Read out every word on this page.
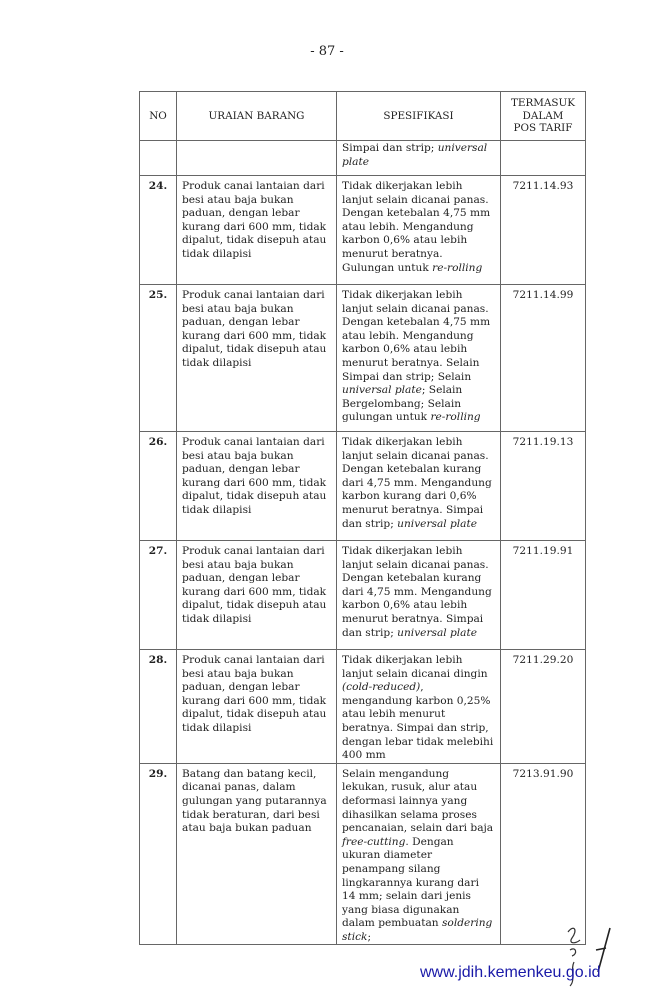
- 87 -
NO	URAIAN BARANG	SPESIFIKASI	TERMASUK
DALAM
POS TARIF
		Simpai dan strip; universal plate	
24.	Produk canai lantaian dari besi atau baja bukan paduan, dengan lebar kurang dari 600 mm, tidak dipalut, tidak disepuh atau tidak dilapisi	Tidak dikerjakan lebih lanjut selain dicanai panas. Dengan ketebalan 4,75 mm atau lebih. Mengandung karbon 0,6% atau lebih menurut beratnya. Gulungan untuk re-rolling	7211.14.93
25.	Produk canai lantaian dari besi atau baja bukan paduan, dengan lebar kurang dari 600 mm, tidak dipalut, tidak disepuh atau tidak dilapisi	Tidak dikerjakan lebih lanjut selain dicanai panas. Dengan ketebalan 4,75 mm atau lebih. Mengandung karbon 0,6% atau lebih menurut beratnya. Selain Simpai dan strip; Selain universal plate; Selain Bergelombang; Selain gulungan untuk re-rolling	7211.14.99
26.	Produk canai lantaian dari besi atau baja bukan paduan, dengan lebar kurang dari 600 mm, tidak dipalut, tidak disepuh atau tidak dilapisi	Tidak dikerjakan lebih lanjut selain dicanai panas. Dengan ketebalan kurang dari 4,75 mm. Mengandung karbon kurang dari 0,6% menurut beratnya. Simpai dan strip; universal plate	7211.19.13
27.	Produk canai lantaian dari besi atau baja bukan paduan, dengan lebar kurang dari 600 mm, tidak dipalut, tidak disepuh atau tidak dilapisi	Tidak dikerjakan lebih lanjut selain dicanai panas. Dengan ketebalan kurang dari 4,75 mm. Mengandung karbon 0,6% atau lebih menurut beratnya. Simpai dan strip; universal plate	7211.19.91
28.	Produk canai lantaian dari besi atau baja bukan paduan, dengan lebar kurang dari 600 mm, tidak dipalut, tidak disepuh atau tidak dilapisi	Tidak dikerjakan lebih lanjut selain dicanai dingin (cold-reduced), mengandung karbon 0,25% atau lebih menurut beratnya. Simpai dan strip, dengan lebar tidak melebihi 400 mm	7211.29.20
29.	Batang dan batang kecil, dicanai panas, dalam gulungan yang putarannya tidak beraturan, dari besi atau baja bukan paduan	Selain mengandung lekukan, rusuk, alur atau deformasi lainnya yang dihasilkan selama proses pencanaian, selain dari baja free-cutting. Dengan ukuran diameter penampang silang lingkarannya kurang dari 14 mm; selain dari jenis yang biasa digunakan dalam pembuatan soldering stick;	7213.91.90
www.jdih.kemenkeu.go.id
